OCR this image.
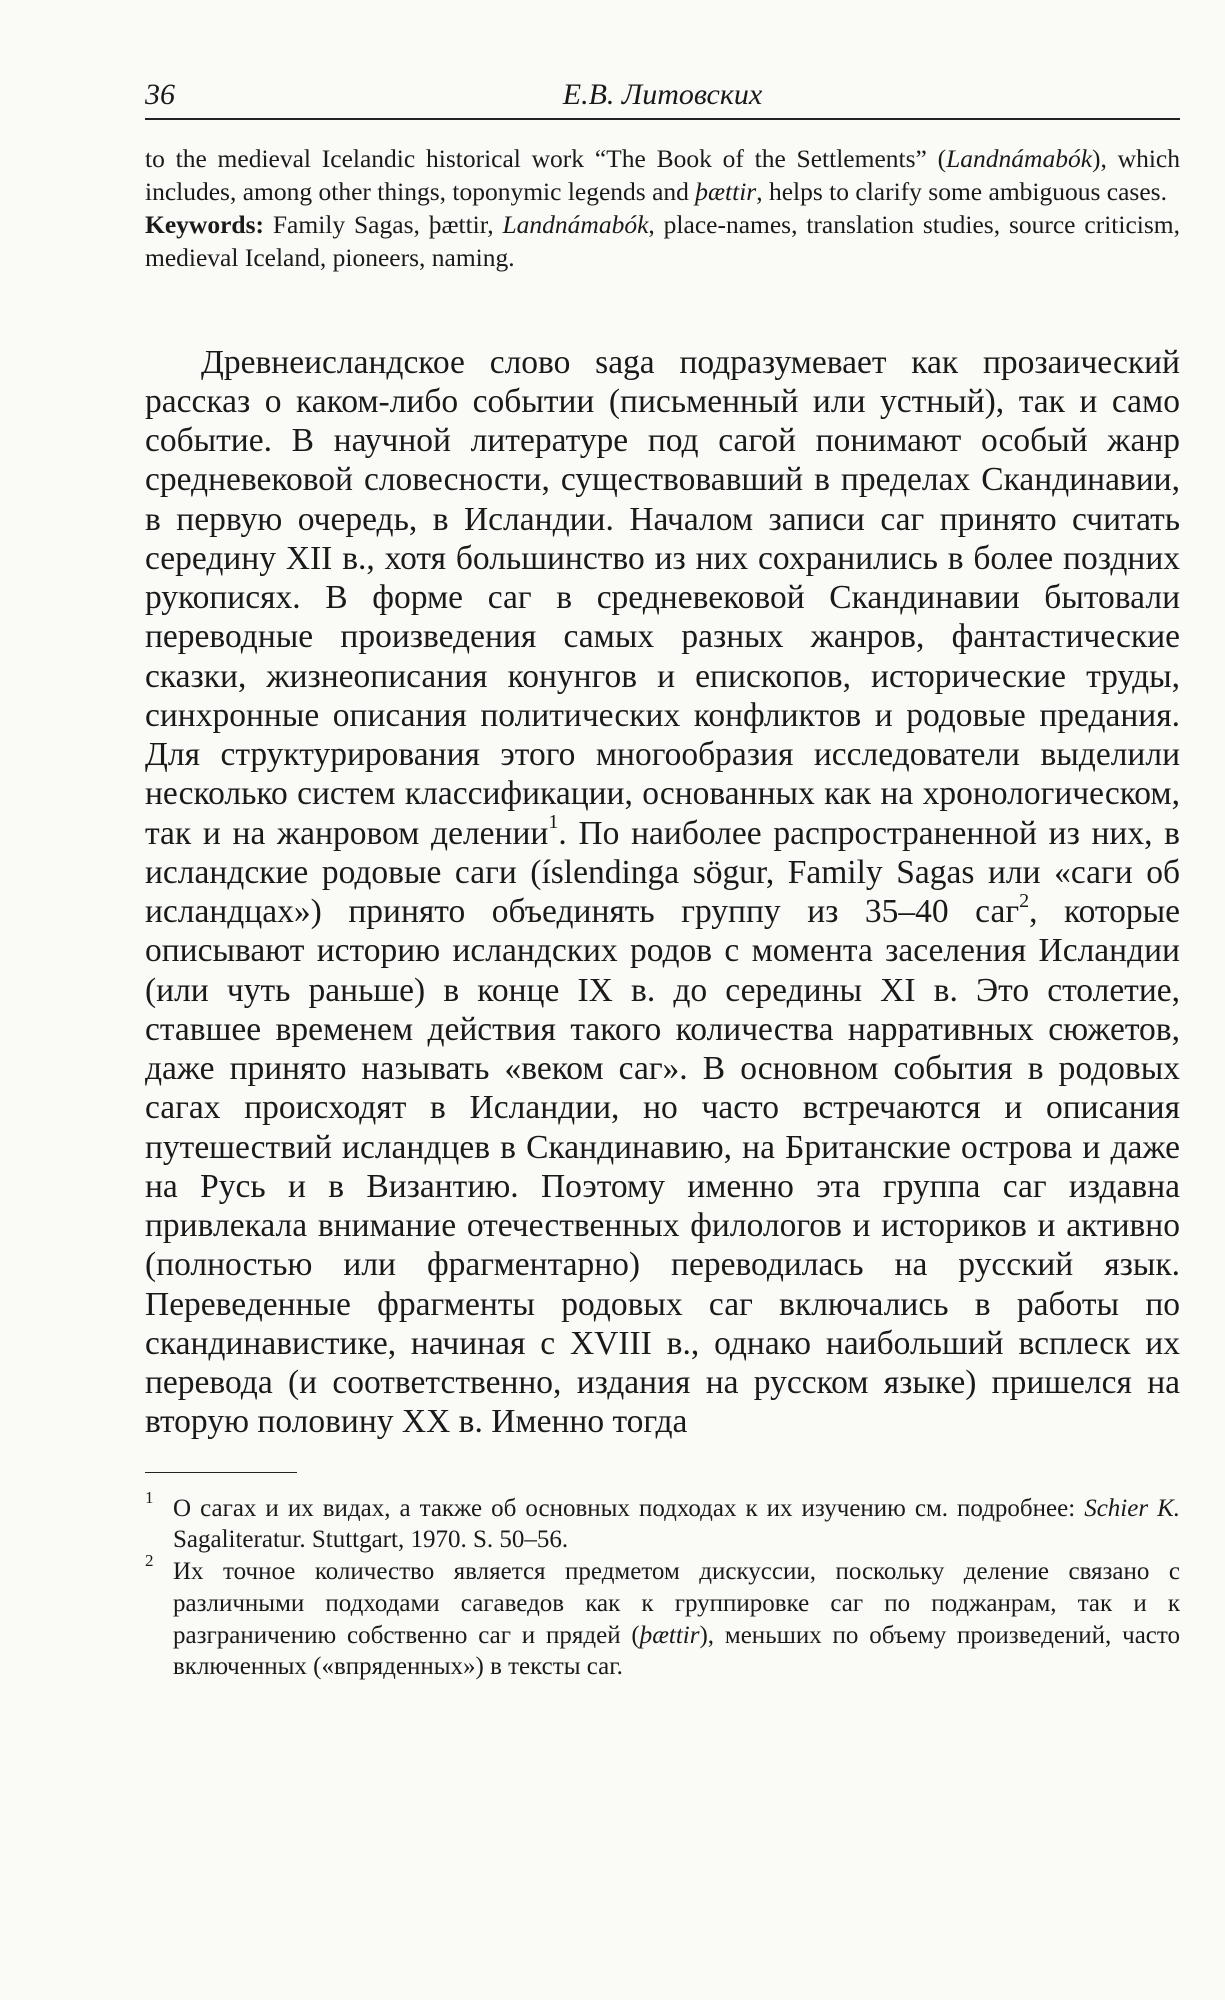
36	Е.В. Литовских

to the medieval Icelandic historical work “The Book of the Settlements” (Landnámabók), which includes, among other things, toponymic legends and þættir, helps to clarify some ambiguous cases.

Keywords: Family Sagas, þættir, Landnámabók, place-names, translation studies, source criticism, medieval Iceland, pioneers, naming.

Древнеисландское слово saga подразумевает как прозаический рассказ о каком-либо событии (письменный или устный), так и само событие. В научной литературе под сагой понимают особый жанр средневековой словесности, существовавший в пределах Скандинавии, в первую очередь, в Исландии. Началом записи саг принято считать середину XII в., хотя большинство из них сохранились в более поздних рукописях. В форме саг в средневековой Скандинавии бытовали переводные произведения самых разных жанров, фантастические сказки, жизнеописания конунгов и епископов, исторические труды, синхронные описания политических конфликтов и родовые предания. Для структурирования этого многообразия исследователи выделили несколько систем классификации, основанных как на хронологическом, так и на жанровом делении$^1$. По наиболее распространенной из них, в исландские родовые саги (íslendinga sögur, Family Sagas или «саги об исландцах») принято объединять группу из 35–40 саг$^2$, которые описывают историю исландских родов с момента заселения Исландии (или чуть раньше) в конце IX в. до середины XI в. Это столетие, ставшее временем действия такого количества нарративных сюжетов, даже принято называть «веком саг». В основном события в родовых сагах происходят в Исландии, но часто встречаются и описания путешествий исландцев в Скандинавию, на Британские острова и даже на Русь и в Византию. Поэтому именно эта группа саг издавна привлекала внимание отечественных филологов и историков и активно (полностью или фрагментарно) переводилась на русский язык. Переведенные фрагменты родовых саг включались в работы по скандинавистике, начиная с XVIII в., однако наибольший всплеск их перевода (и соответственно, издания на русском языке) пришелся на вторую половину XX в. Именно тогда

1 О сагах и их видах, а также об основных подходах к их изучению см. подробнее: Schier K. Sagaliteratur. Stuttgart, 1970. S. 50–56.

2 Их точное количество является предметом дискуссии, поскольку деление связано с различными подходами сагаведов как к группировке саг по поджанрам, так и к разграничению собственно саг и прядей (þættir), меньших по объему произведений, часто включенных («впряденных») в тексты саг.
